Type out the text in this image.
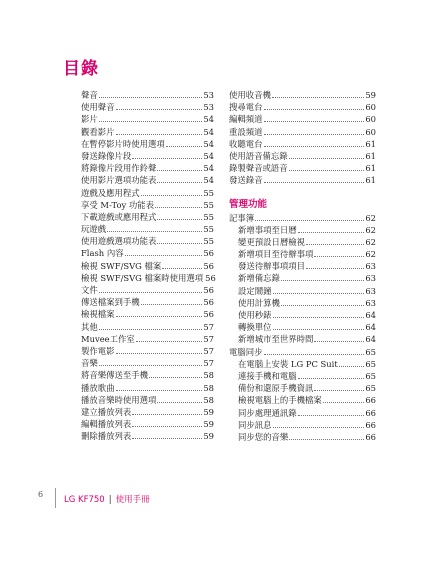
目錄
聲音	53
使用聲音	53
影片	54
觀看影片	54
在暫停影片時使用選項	54
發送錄像片段	54
將錄像片段用作鈴聲	54
使用影片選項功能表	54
遊戲及應用程式	55
享受 M-Toy 功能表	55
下載遊戲或應用程式	55
玩遊戲	55
使用遊戲選項功能表	55
Flash 內容	56
檢視 SWF/SVG 檔案	56
檢視 SWF/SVG 檔案時使用選項 56
文件	56
傳送檔案到手機	56
檢視檔案	56
其他	57
Muvee工作室	57
製作電影	57
音樂	57
將音樂傳送至手機	58
播放歌曲	58
播放音樂時使用選項	58
建立播放列表	59
編輯播放列表	59
刪除播放列表	59
使用收音機	59
搜尋電台	60
編輯頻道	60
重設頻道	60
收聽電台	61
使用語音備忘錄	61
錄製聲音或語音	61
發送錄音	61
管理功能
記事簿	62
新增事項至日曆	62
變更預設日曆檢視	62
新增項目至待辦事項	62
發送待辦事項項目	63
新增備忘錄	63
設定鬧鐘	63
使用計算機	63
使用秒錶	64
轉換單位	64
新增城市至世界時間	64
電腦同步	65
在電腦上安裝 LG PC Suit	65
連接手機和電腦	65
備份和還原手機資訊	65
檢視電腦上的手機檔案	66
同步處理通訊錄	66
同步訊息	66
同步您的音樂	66
6
LG KF750 | 使用手冊
